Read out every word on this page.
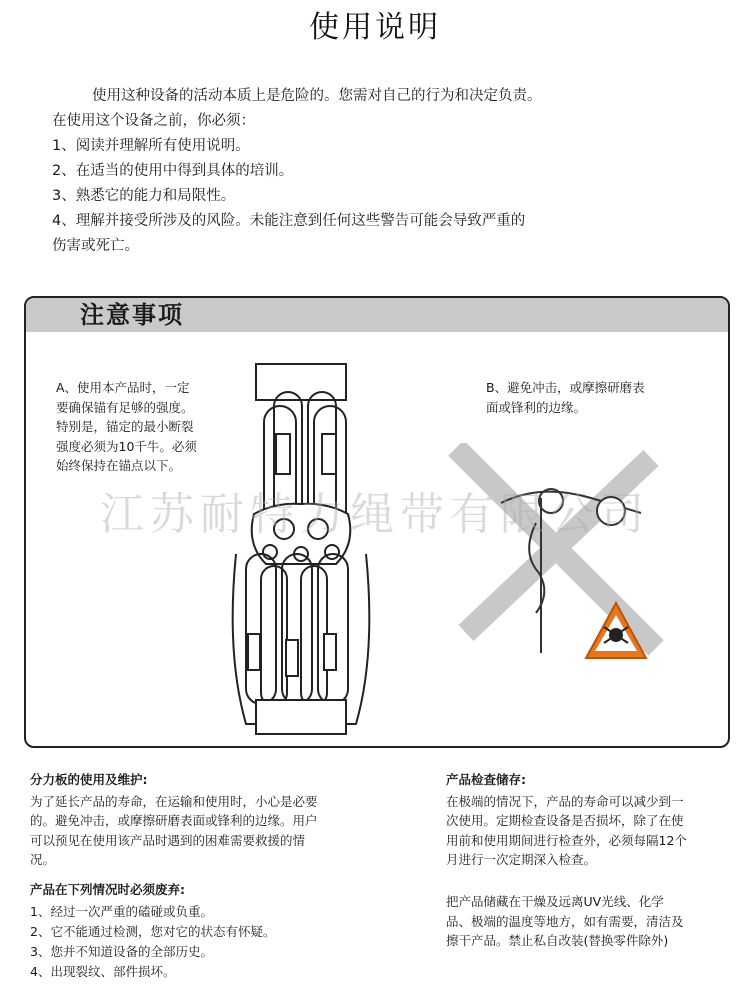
使用说明

使用这种设备的活动本质上是危险的。您需对自己的行为和决定负责。

在使用这个设备之前，你必须：

1、阅读并理解所有使用说明。

2、在适当的使用中得到具体的培训。

3、熟悉它的能力和局限性。

4、理解并接受所涉及的风险。未能注意到任何这些警告可能会导致严重的

伤害或死亡。

注意事项

A、使用本产品时，一定

要确保锚有足够的强度。

特别是，锚定的最小断裂

强度必须为10千牛。必须

始终保持在锚点以下。

B、避免冲击，或摩擦研磨表

面或锋利的边缘。

江苏耐特力绳带有限公司
分力板的使用及维护:

为了延长产品的寿命，在运输和使用时，小心是必要

的。避免冲击，或摩擦研磨表面或锋利的边缘。用户

可以预见在使用该产品时遇到的困难需要救援的情

况。

产品在下列情况时必须废弃:
1、经过一次严重的磕碰或负重。
2、它不能通过检测，您对它的状态有怀疑。
3、您并不知道设备的全部历史。
4、出现裂纹、部件损坏。
产品检查储存:

在极端的情况下，产品的寿命可以减少到一

次使用。定期检查设备是否损坏，除了在使

用前和使用期间进行检查外，必须每隔12个

月进行一次定期深入检查。

把产品储藏在干燥及远离UV光线、化学

品、极端的温度等地方，如有需要，清洁及

擦干产品。禁止私自改装(替换零件除外)
